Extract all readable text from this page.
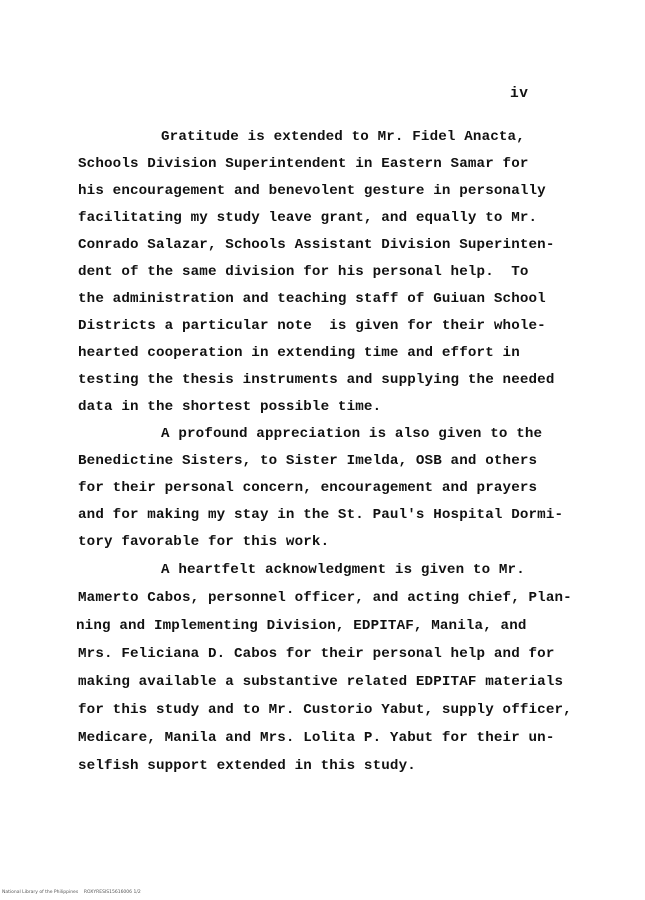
iv
Gratitude is extended to Mr. Fidel Anacta,
Schools Division Superintendent in Eastern Samar for
his encouragement and benevolent gesture in personally
facilitating my study leave grant, and equally to Mr.
Conrado Salazar, Schools Assistant Division Superinten-
dent of the same division for his personal help.  To
the administration and teaching staff of Guiuan School
Districts a particular note  is given for their whole-
hearted cooperation in extending time and effort in
testing the thesis instruments and supplying the needed
data in the shortest possible time.
A profound appreciation is also given to the
Benedictine Sisters, to Sister Imelda, OSB and others
for their personal concern, encouragement and prayers
and for making my stay in the St. Paul's Hospital Dormi-
tory favorable for this work.
A heartfelt acknowledgment is given to Mr.
Mamerto Cabos, personnel officer, and acting chief, Plan-
ning and Implementing Division, EDPITAF, Manila, and
Mrs. Feliciana D. Cabos for their personal help and for
making available a substantive related EDPITAF materials
for this study and to Mr. Custorio Yabut, supply officer,
Medicare, Manila and Mrs. Lolita P. Yabut for their un-
selfish support extended in this study.
National Library of the Philippines    ROXYRESIS15616006 1/2
